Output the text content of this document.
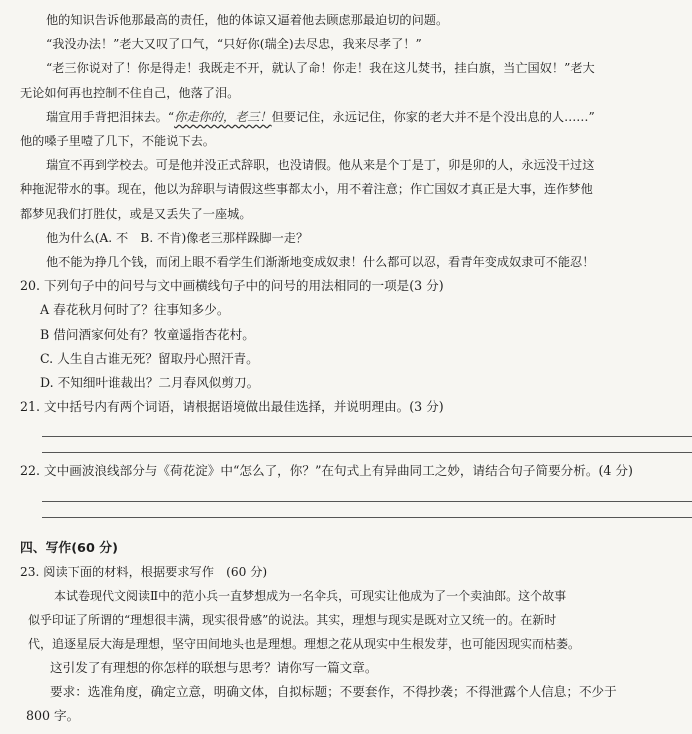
他的知识告诉他那最高的责任，他的体谅又逼着他去顾虑那最迫切的问题。

“我没办法！”老大又叹了口气，“只好你(瑞全)去尽忠，我来尽孝了！”

“老三你说对了！你是得走！我既走不开，就认了命！你走！我在这儿焚书，挂白旗，当亡国奴！”老大

无论如何再也控制不住自己，他落了泪。

瑞宣用手背把泪抹去。“你走你的，老三！但要记住，永远记住，你家的老大并不是个没出息的人……”

他的嗓子里噎了几下，不能说下去。

瑞宣不再到学校去。可是他并没正式辞职，也没请假。他从来是个丁是丁，卯是卯的人，永远没干过这

种拖泥带水的事。现在，他以为辞职与请假这些事都太小，用不着注意；作亡国奴才真正是大事，连作梦他

都梦见我们打胜仗，或是又丢失了一座城。

他为什么(A. 不　B. 不肯)像老三那样跺脚一走？

他不能为挣几个钱，而闭上眼不看学生们渐渐地变成奴隶！什么都可以忍，看青年变成奴隶可不能忍！

20. 下列句子中的问号与文中画横线句子中的问号的用法相同的一项是(3 分)

A 春花秋月何时了？往事知多少。

B 借问酒家何处有？牧童遥指杏花村。

C. 人生自古谁无死？留取丹心照汗青。

D. 不知细叶谁裁出？二月春风似剪刀。

21. 文中括号内有两个词语，请根据语境做出最佳选择，并说明理由。(3 分)

22. 文中画波浪线部分与《荷花淀》中“怎么了，你？”在句式上有异曲同工之妙，请结合句子简要分析。(4 分)

四、写作(60 分)

23. 阅读下面的材料，根据要求写作　(60 分)

本试卷现代文阅读Ⅱ中的范小兵一直梦想成为一名伞兵，可现实让他成为了一个卖油郎。这个故事

似乎印证了所谓的“理想很丰满，现实很骨感”的说法。其实，理想与现实是既对立又统一的。在新时

代，追逐星辰大海是理想，坚守田间地头也是理想。理想之花从现实中生根发芽，也可能因现实而枯萎。

这引发了有理想的你怎样的联想与思考？请你写一篇文章。

要求：选准角度，确定立意，明确文体，自拟标题；不要套作，不得抄袭；不得泄露个人信息；不少于

800 字。
